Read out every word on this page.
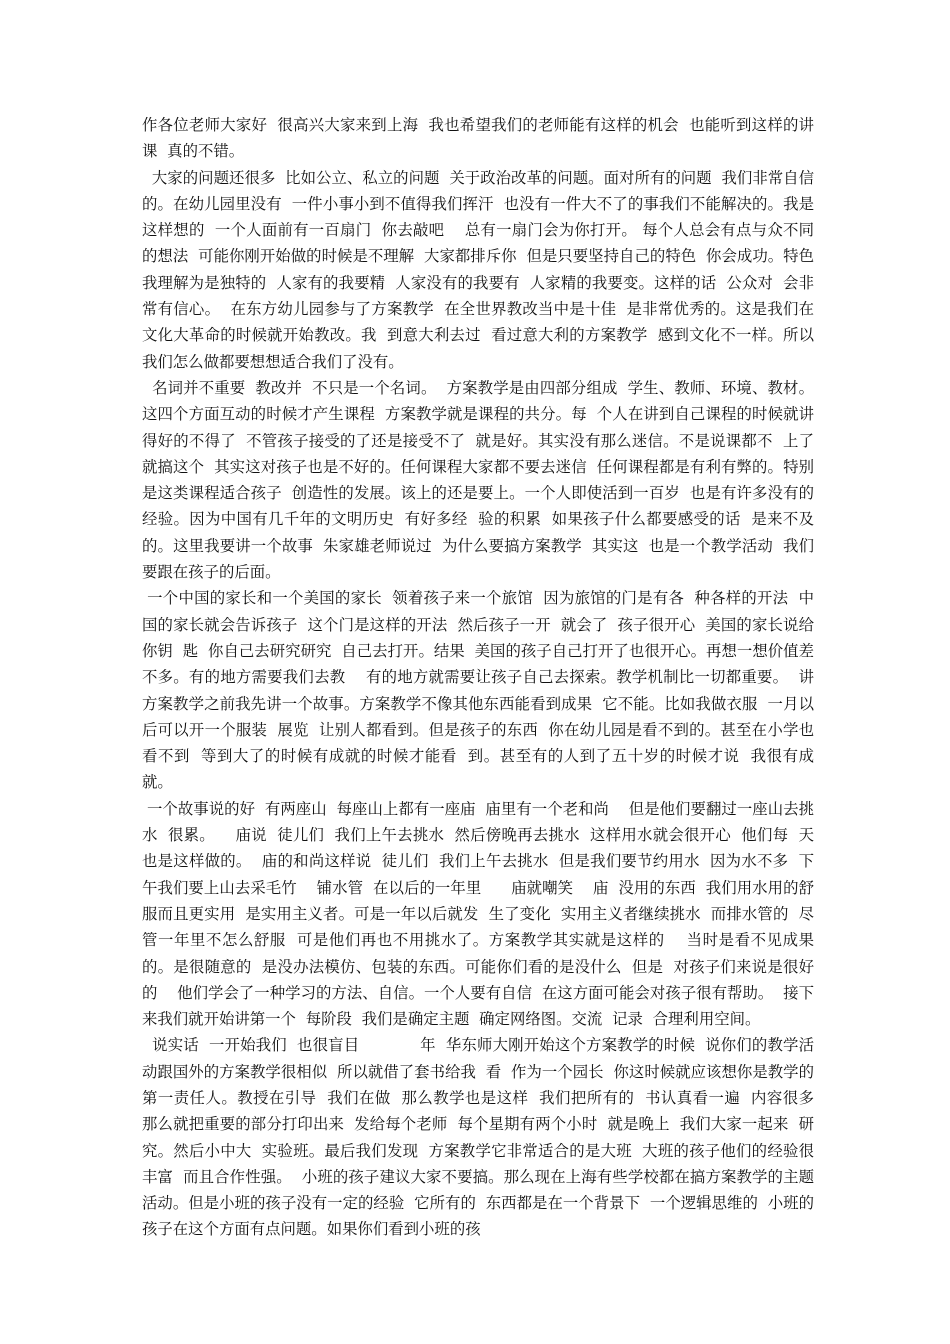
作各位老师大家好  很高兴大家来到上海  我也希望我们的老师能有这样的机会  也能听到这样的讲课  真的不错。

大家的问题还很多  比如公立、私立的问题  关于政治改革的问题。面对所有的问题  我们非常自信的。在幼儿园里没有  一件小事小到不值得我们挥汗  也没有一件大不了的事我们不能解决的。我是这样想的  一个人面前有一百扇门  你去敲吧    总有一扇门会为你打开。 每个人总会有点与众不同的想法  可能你刚开始做的时候是不理解  大家都排斥你  但是只要坚持自己的特色  你会成功。特色  我理解为是独特的  人家有的我要精  人家没有的我要有  人家精的我要变。这样的话  公众对  会非常有信心。  在东方幼儿园参与了方案教学  在全世界教改当中是十佳  是非常优秀的。这是我们在文化大革命的时候就开始教改。我  到意大利去过  看过意大利的方案教学  感到文化不一样。所以我们怎么做都要想想适合我们了没有。

名词并不重要  教改并  不只是一个名词。  方案教学是由四部分组成  学生、教师、环境、教材。这四个方面互动的时候才产生课程  方案教学就是课程的共分。每  个人在讲到自己课程的时候就讲得好的不得了  不管孩子接受的了还是接受不了  就是好。其实没有那么迷信。不是说课都不  上了就搞这个  其实这对孩子也是不好的。任何课程大家都不要去迷信  任何课程都是有利有弊的。特别是这类课程适合孩子  创造性的发展。该上的还是要上。一个人即使活到一百岁  也是有许多没有的经验。因为中国有几千年的文明历史  有好多经  验的积累  如果孩子什么都要感受的话  是来不及的。这里我要讲一个故事  朱家雄老师说过  为什么要搞方案教学  其实这  也是一个教学活动  我们要跟在孩子的后面。

一个中国的家长和一个美国的家长  领着孩子来一个旅馆  因为旅馆的门是有各  种各样的开法  中国的家长就会告诉孩子  这个门是这样的开法  然后孩子一开  就会了  孩子很开心  美国的家长说给你钥  匙  你自己去研究研究  自己去打开。结果  美国的孩子自己打开了也很开心。再想一想价值差不多。有的地方需要我们去教    有的地方就需要让孩子自己去探索。教学机制比一切都重要。  讲方案教学之前我先讲一个故事。方案教学不像其他东西能看到成果  它不能。比如我做衣服  一月以后可以开一个服装  展览  让别人都看到。但是孩子的东西  你在幼儿园是看不到的。甚至在小学也看不到  等到大了的时候有成就的时候才能看  到。甚至有的人到了五十岁的时候才说  我很有成就。

一个故事说的好  有两座山  每座山上都有一座庙  庙里有一个老和尚    但是他们要翻过一座山去挑水  很累。    庙说  徒儿们  我们上午去挑水  然后傍晚再去挑水  这样用水就会很开心  他们每  天也是这样做的。  庙的和尚这样说  徒儿们  我们上午去挑水  但是我们要节约用水  因为水不多  下午我们要上山去采毛竹    铺水管  在以后的一年里      庙就嘲笑    庙  没用的东西  我们用水用的舒服而且更实用  是实用主义者。可是一年以后就发  生了变化  实用主义者继续挑水  而排水管的  尽管一年里不怎么舒服  可是他们再也不用挑水了。方案教学其实就是这样的    当时是看不见成果的。是很随意的  是没办法模仿、包装的东西。可能你们看的是没什么  但是  对孩子们来说是很好的    他们学会了一种学习的方法、自信。一个人要有自信  在这方面可能会对孩子很有帮助。  接下来我们就开始讲第一个  每阶段  我们是确定主题  确定网络图。交流  记录  合理利用空间。

说实话  一开始我们  也很盲目            年  华东师大刚开始这个方案教学的时候  说你们的教学活动跟国外的方案教学很相似  所以就借了套书给我  看  作为一个园长  你这时候就应该想你是教学的第一责任人。教授在引导  我们在做  那么教学也是这样  我们把所有的  书认真看一遍  内容很多  那么就把重要的部分打印出来  发给每个老师  每个星期有两个小时  就是晚上  我们大家一起来  研究。然后小中大  实验班。最后我们发现  方案教学它非常适合的是大班  大班的孩子他们的经验很丰富  而且合作性强。  小班的孩子建议大家不要搞。那么现在上海有些学校都在搞方案教学的主题活动。但是小班的孩子没有一定的经验  它所有的  东西都是在一个背景下  一个逻辑思维的  小班的孩子在这个方面有点问题。如果你们看到小班的孩
